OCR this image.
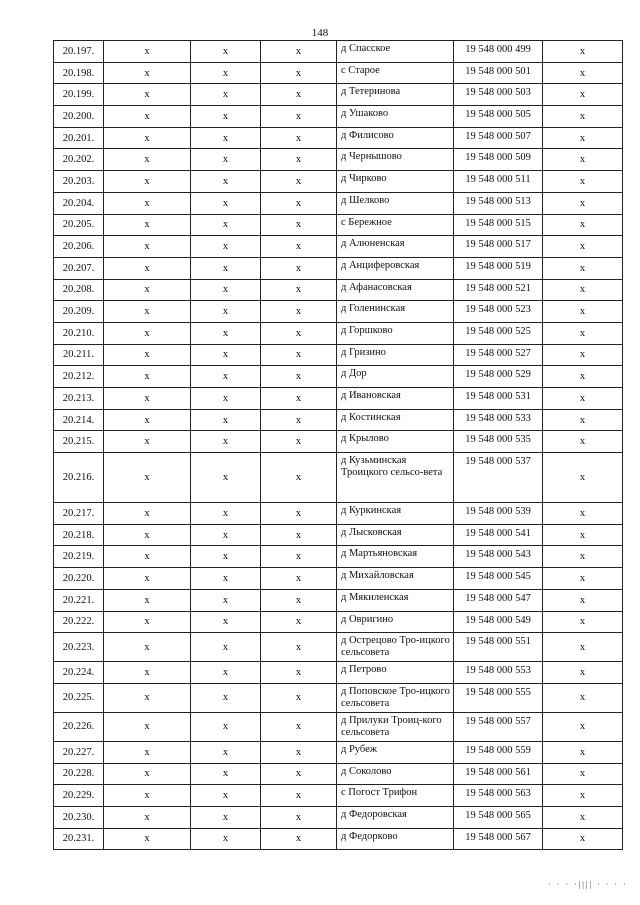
148
20.197.	х	х	х	д Спасское	19 548 000 499	х
20.198.	х	х	х	с Старое	19 548 000 501	х
20.199.	х	х	х	д Тетеринова	19 548 000 503	х
20.200.	х	х	х	д Ушаково	19 548 000 505	х
20.201.	х	х	х	д Филисово	19 548 000 507	х
20.202.	х	х	х	д Чернышово	19 548 000 509	х
20.203.	х	х	х	д Чирково	19 548 000 511	х
20.204.	х	х	х	д Шелково	19 548 000 513	х
20.205.	х	х	х	с Бережное	19 548 000 515	х
20.206.	х	х	х	д Алюненская	19 548 000 517	х
20.207.	х	х	х	д Анциферовская	19 548 000 519	х
20.208.	х	х	х	д Афанасовская	19 548 000 521	х
20.209.	х	х	х	д Голенинская	19 548 000 523	х
20.210.	х	х	х	д Горшково	19 548 000 525	х
20.211.	х	х	х	д Гризино	19 548 000 527	х
20.212.	х	х	х	д Дор	19 548 000 529	х
20.213.	х	х	х	д Ивановская	19 548 000 531	х
20.214.	х	х	х	д Костинская	19 548 000 533	х
20.215.	х	х	х	д Крылово	19 548 000 535	х
20.216.	х	х	х	д Кузьминская Троицкого сельсо-вета	19 548 000 537	х
20.217.	х	х	х	д Куркинская	19 548 000 539	х
20.218.	х	х	х	д Лысковская	19 548 000 541	х
20.219.	х	х	х	д Мартьяновская	19 548 000 543	х
20.220.	х	х	х	д Михайловская	19 548 000 545	х
20.221.	х	х	х	д Мякиленская	19 548 000 547	х
20.222.	х	х	х	д Овригино	19 548 000 549	х
20.223.	х	х	х	д Острецово Тро-ицкого сельсовета	19 548 000 551	х
20.224.	х	х	х	д Петрово	19 548 000 553	х
20.225.	х	х	х	д Поповское Тро-ицкого сельсовета	19 548 000 555	х
20.226.	х	х	х	д Прилуки Троиц-кого сельсовета	19 548 000 557	х
20.227.	х	х	х	д Рубеж	19 548 000 559	х
20.228.	х	х	х	д Соколово	19 548 000 561	х
20.229.	х	х	х	с Погост Трифон	19 548 000 563	х
20.230.	х	х	х	д Федоровская	19 548 000 565	х
20.231.	х	х	х	д Федорково	19 548 000 567	х
· · · ·|||| · · · ·
